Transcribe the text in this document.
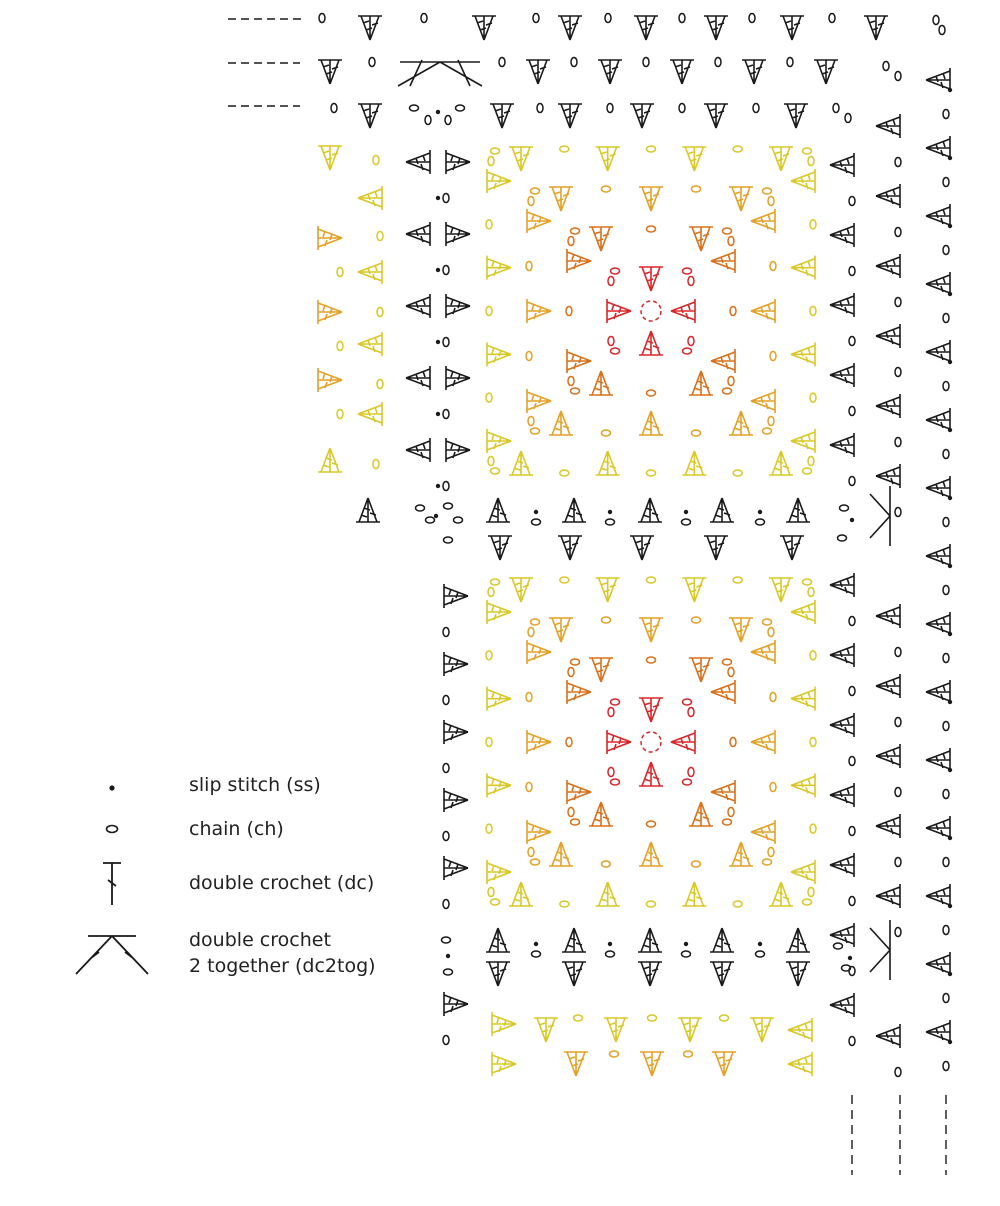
slip stitch (ss)
chain (ch)
double crochet (dc)
double crochet
2 together (dc2tog)
